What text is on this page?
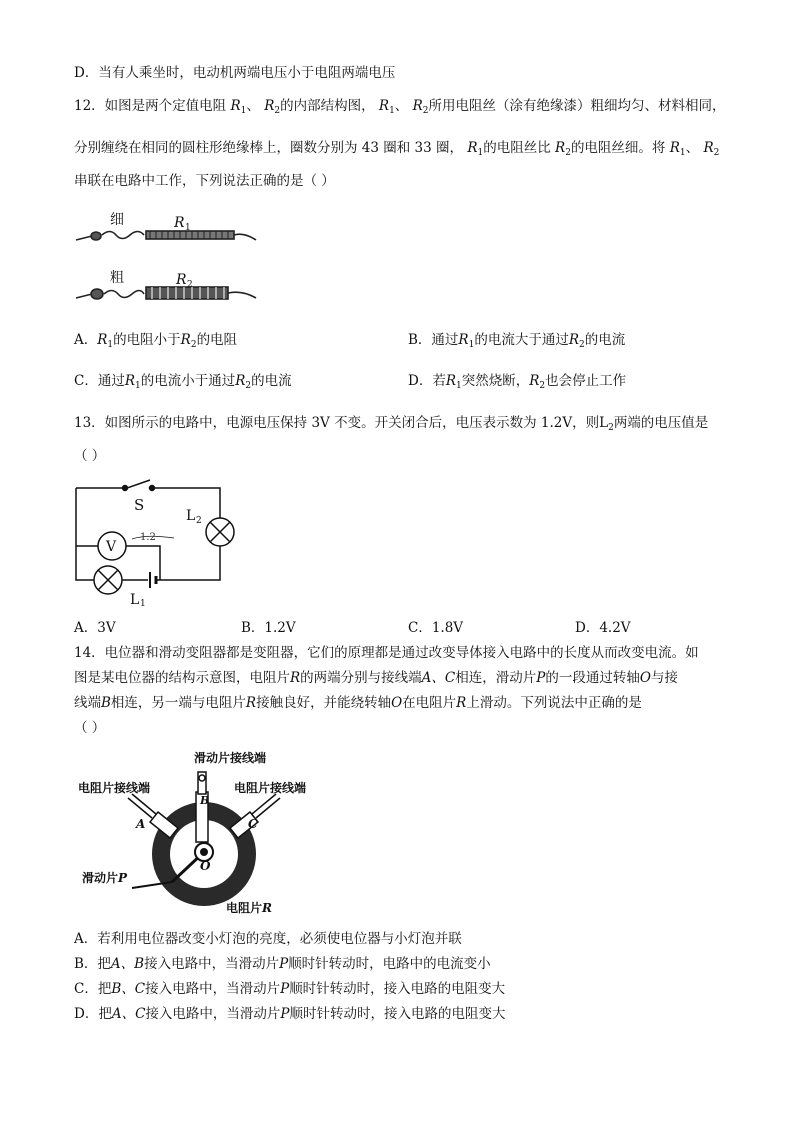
D．当有人乘坐时，电动机两端电压小于电阻两端电压
12．如图是两个定值电阻 $R_1$、 $R_2$的内部结构图， $R_1$、 $R_2$所用电阻丝（涂有绝缘漆）粗细均匀、材料相同，
分别缠绕在相同的圆柱形绝缘棒上，圈数分别为 43 圈和 33 圈， $R_1$的电阻丝比 $R_2$的电阻丝细。将 $R_1$、 $R_2$
串联在电路中工作，下列说法正确的是（ ）
细	R 1
粗	R 2
A．$R_1$的电阻小于$R_2$的电阻	B．通过$R_1$的电流大于通过$R_2$的电流
C．通过$R_1$的电流小于通过$R_2$的电流	D．若$R_1$突然烧断，$R_2$也会停止工作
13．如图所示的电路中，电源电压保持 3V 不变。开关闭合后，电压表示数为 1.2V，则$L_2$两端的电压值是
（ ）
S
L 2
V
1.2
L 1
A．3V	B．1.2V	C．1.8V	D．4.2V
14．电位器和滑动变阻器都是变阻器，它们的原理都是通过改变导体接入电路中的长度从而改变电流。如
图是某电位器的结构示意图，电阻片R的两端分别与接线端A、C相连，滑动片P的一段通过转轴O与接
线端B相连，另一端与电阻片R接触良好，并能绕转轴O在电阻片R上滑动。下列说法中正确的是
（ ）
滑动片接线端
电阻片接线端	电阻片接线端
A
B
C
O
滑动片P
电阻片R
A．若利用电位器改变小灯泡的亮度，必须使电位器与小灯泡并联
B．把A、B接入电路中，当滑动片P顺时针转动时，电路中的电流变小
C．把B、C接入电路中，当滑动片P顺时针转动时，接入电路的电阻变大
D．把A、C接入电路中，当滑动片P顺时针转动时，接入电路的电阻变大
